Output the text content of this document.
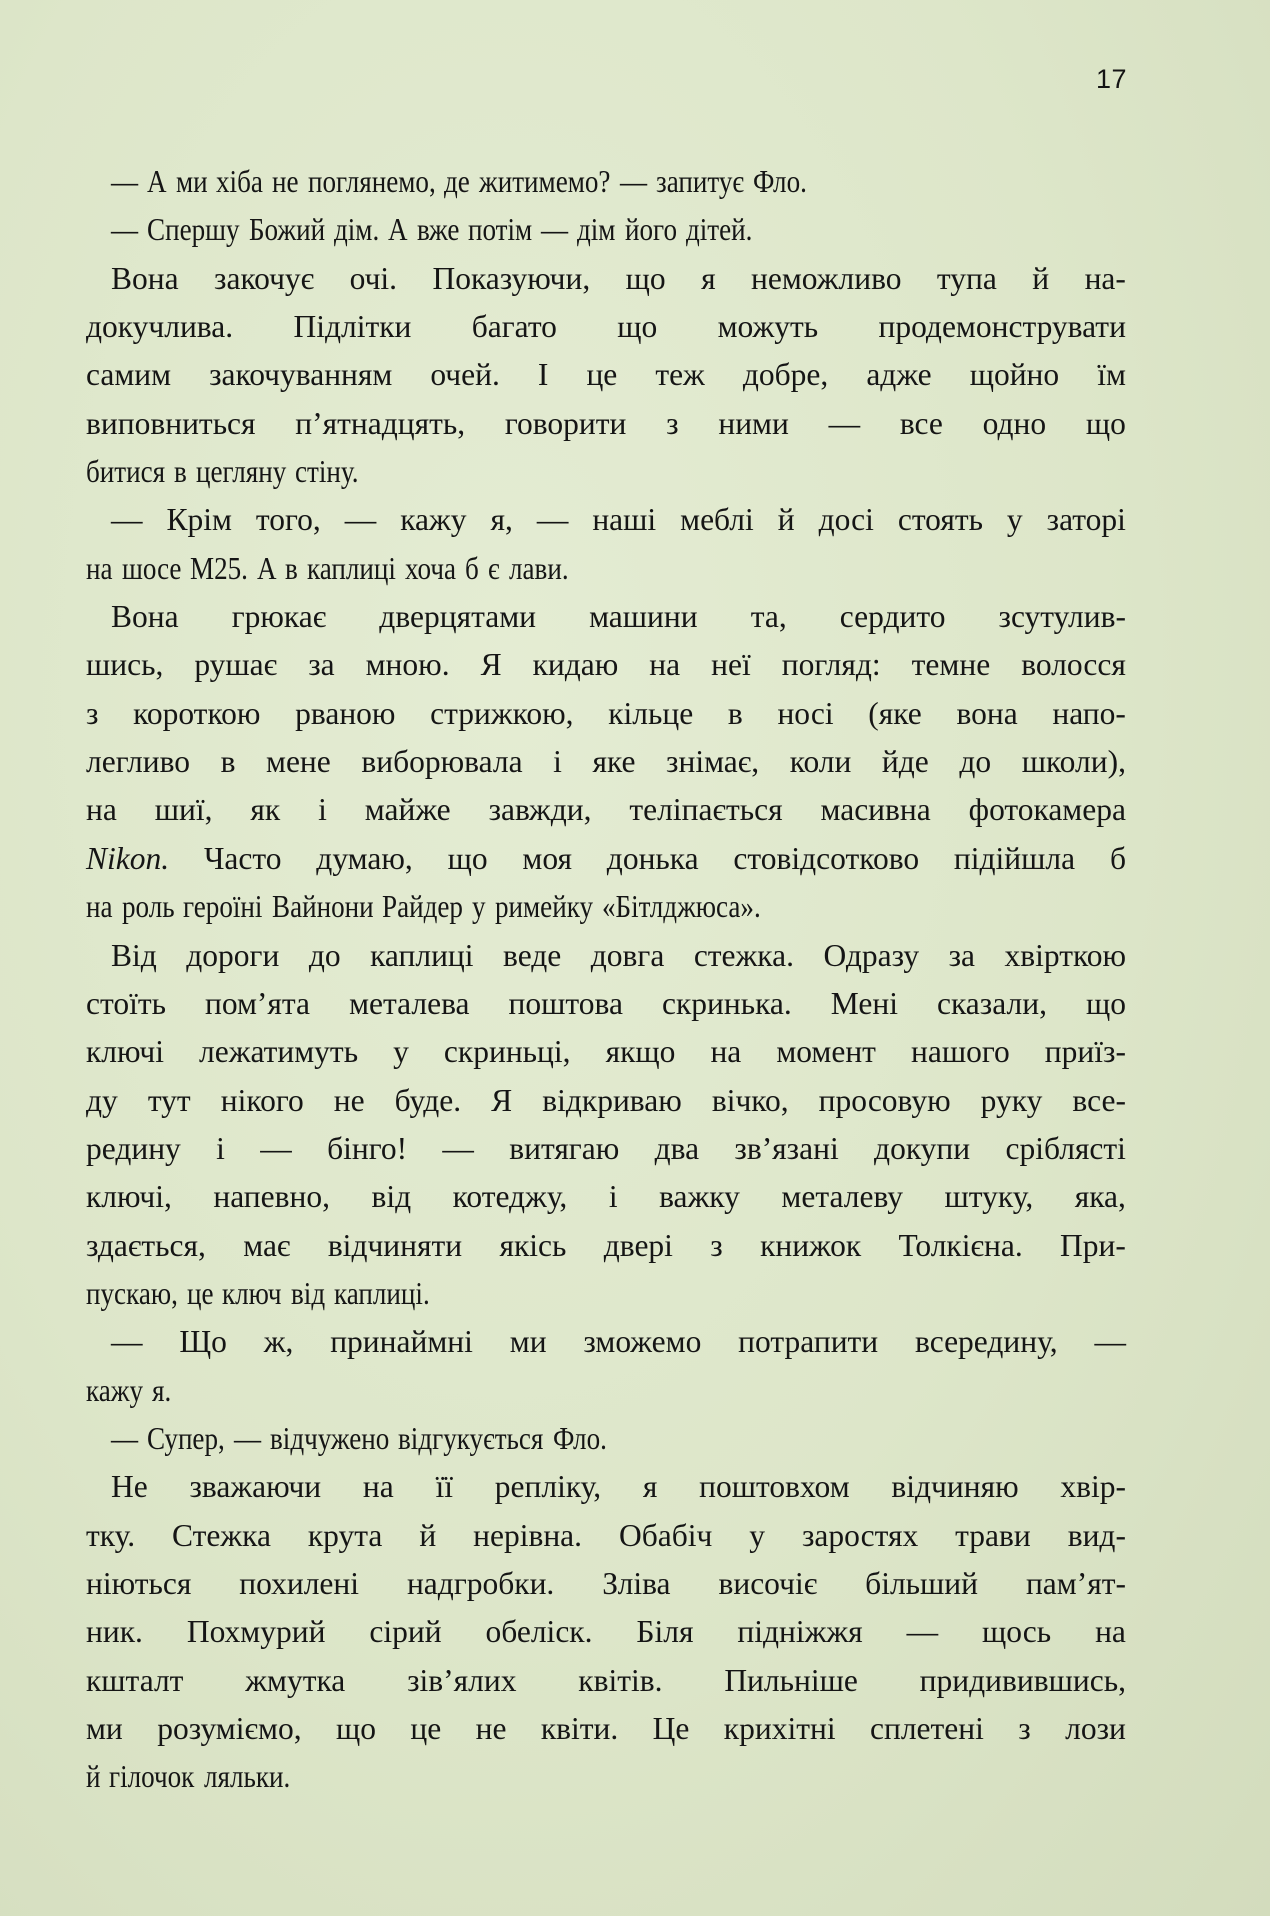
17
— А ми хіба не поглянемо, де житимемо? — запитує Фло.
— Спершу Божий дім. А вже потім — дім його дітей.
Вона закочує очі. Показуючи, що я неможливо тупа й на-
докучлива. Підлітки багато що можуть продемонструвати
самим закочуванням очей. І це теж добре, адже щойно їм
виповниться п’ятнадцять, говорити з ними — все одно що
битися в цегляну стіну.
— Крім того, — кажу я, — наші меблі й досі стоять у заторі
на шосе M25. А в каплиці хоча б є лави.
Вона грюкає дверцятами машини та, сердито зсутулив-
шись, рушає за мною. Я кидаю на неї погляд: темне волосся
з короткою рваною стрижкою, кільце в носі (яке вона напо-
легливо в мене виборювала і яке знімає, коли йде до школи),
на шиї, як і майже завжди, теліпається масивна фотокамера
Nikon. Часто думаю, що моя донька стовідсотково підійшла б
на роль героїні Вайнони Райдер у римейку «Бітлджюса».
Від дороги до каплиці веде довга стежка. Одразу за хвірткою
стоїть пом’ята металева поштова скринька. Мені сказали, що
ключі лежатимуть у скриньці, якщо на момент нашого приїз-
ду тут нікого не буде. Я відкриваю вічко, просовую руку все-
редину і — бінго! — витягаю два зв’язані докупи сріблясті
ключі, напевно, від котеджу, і важку металеву штуку, яка,
здається, має відчиняти якісь двері з книжок Толкієна. При-
пускаю, це ключ від каплиці.
— Що ж, принаймні ми зможемо потрапити всередину, —
кажу я.
— Супер, — відчужено відгукується Фло.
Не зважаючи на її репліку, я поштовхом відчиняю хвір-
тку. Стежка крута й нерівна. Обабіч у заростях трави вид-
ніються похилені надгробки. Зліва височіє більший пам’ят-
ник. Похмурий сірий обеліск. Біля підніжжя — щось на
кшталт жмутка зів’ялих квітів. Пильніше придивившись,
ми розуміємо, що це не квіти. Це крихітні сплетені з лози
й гілочок ляльки.
